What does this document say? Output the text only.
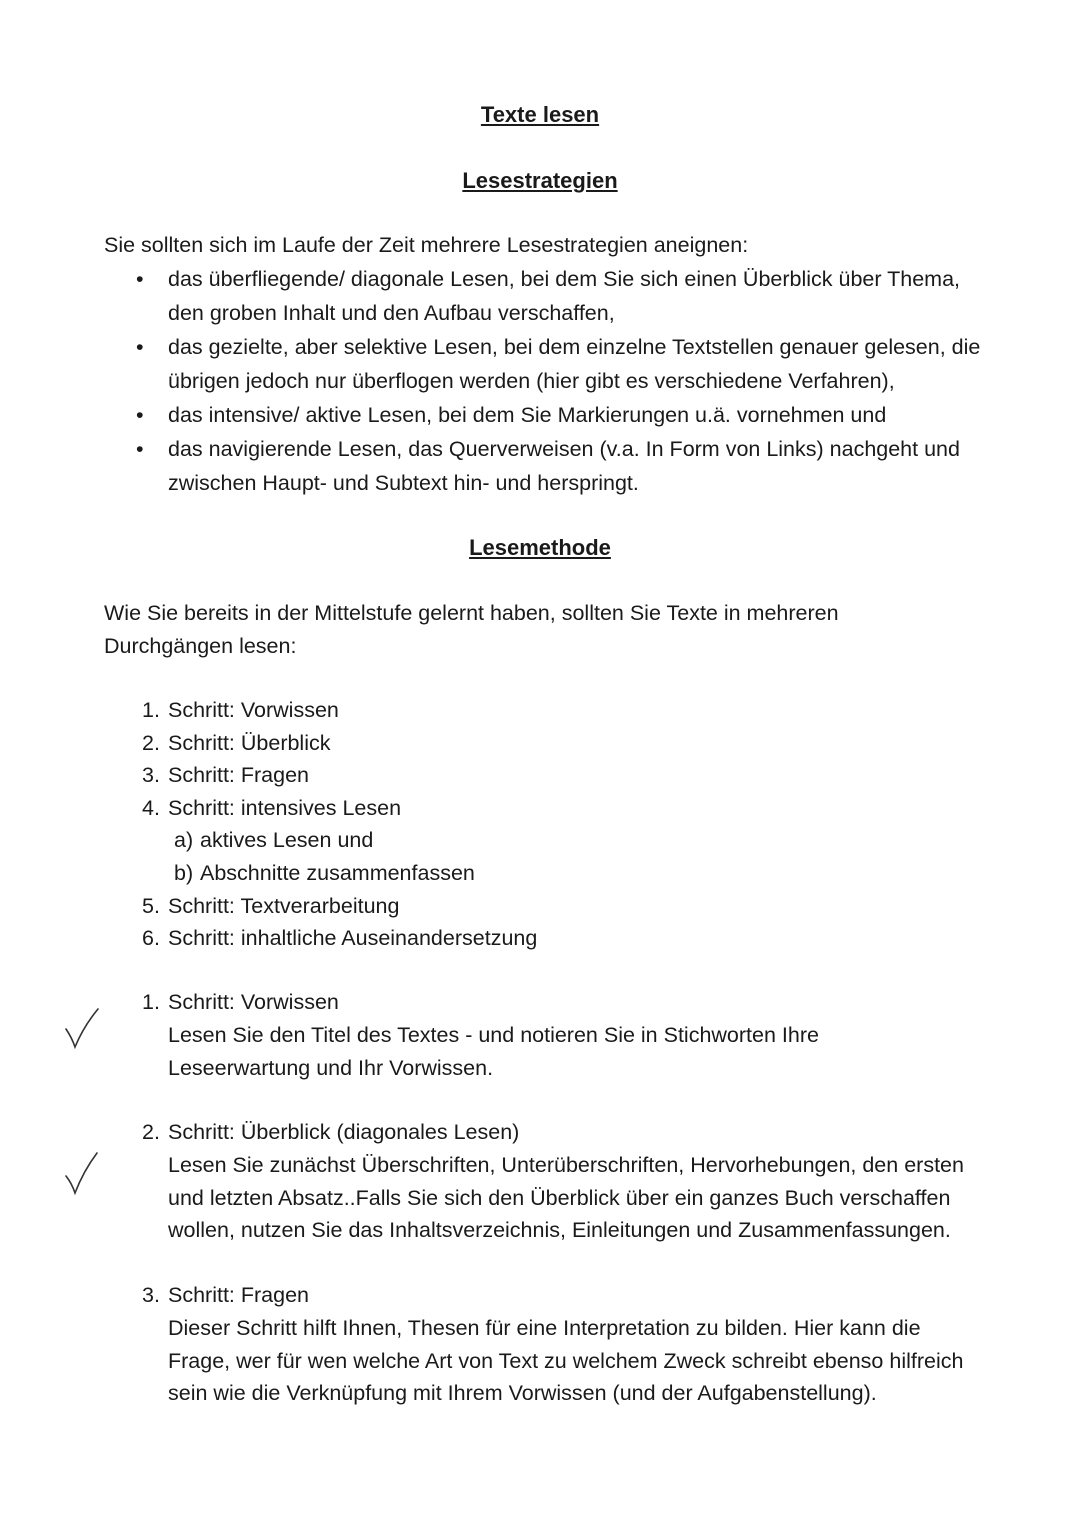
Texte lesen
Lesestrategien

Sie sollten sich im Laufe der Zeit mehrere Lesestrategien aneignen:

• das überfliegende/ diagonale Lesen, bei dem Sie sich einen Überblick über Thema, den groben Inhalt und den Aufbau verschaffen,
• das gezielte, aber selektive Lesen, bei dem einzelne Textstellen genauer gelesen, die übrigen jedoch nur überflogen werden (hier gibt es verschiedene Verfahren),
• das intensive/ aktive Lesen, bei dem Sie Markierungen u.ä. vornehmen und
• das navigierende Lesen, das Querverweisen (v.a. In Form von Links) nachgeht und zwischen Haupt- und Subtext hin- und herspringt.
Lesemethode

Wie Sie bereits in der Mittelstufe gelernt haben, sollten Sie Texte in mehreren Durchgängen lesen:

1. Schritt: Vorwissen
2. Schritt: Überblick
3. Schritt: Fragen
4. Schritt: intensives Lesen
a) aktives Lesen und
b) Abschnitte zusammenfassen
5. Schritt: Textverarbeitung
6. Schritt: inhaltliche Auseinandersetzung
1. Schritt: Vorwissen
Lesen Sie den Titel des Textes - und notieren Sie in Stichworten Ihre Leseerwartung und Ihr Vorwissen.
2. Schritt: Überblick (diagonales Lesen)
Lesen Sie zunächst Überschriften, Unterüberschriften, Hervorhebungen, den ersten und letzten Absatz..Falls Sie sich den Überblick über ein ganzes Buch verschaffen wollen, nutzen Sie das Inhaltsverzeichnis, Einleitungen und Zusammenfassungen.
3. Schritt: Fragen
Dieser Schritt hilft Ihnen, Thesen für eine Interpretation zu bilden. Hier kann die Frage, wer für wen welche Art von Text zu welchem Zweck schreibt ebenso hilfreich sein wie die Verknüpfung mit Ihrem Vorwissen (und der Aufgabenstellung).
